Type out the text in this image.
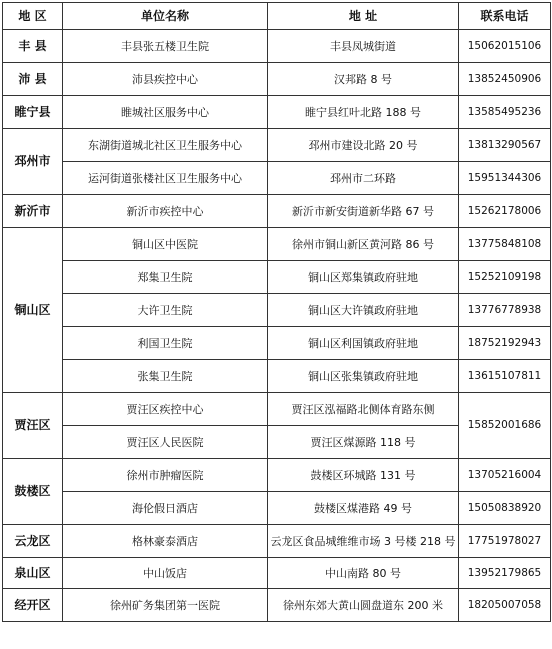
地 区	单位名称	地 址	联系电话
丰 县	丰县张五楼卫生院	丰县凤城街道	15062015106
沛 县	沛县疾控中心	汉邦路 8 号	13852450906
睢宁县	睢城社区服务中心	睢宁县红叶北路 188 号	13585495236
邳州市	东湖街道城北社区卫生服务中心	邳州市建设北路 20 号	13813290567
	运河街道张楼社区卫生服务中心	邳州市二环路	15951344306
新沂市	新沂市疾控中心	新沂市新安街道新华路 67 号	15262178006
铜山区	铜山区中医院	徐州市铜山新区黄河路 86 号	13775848108
	郑集卫生院	铜山区郑集镇政府驻地	15252109198
	大许卫生院	铜山区大许镇政府驻地	13776778938
	利国卫生院	铜山区利国镇政府驻地	18752192943
	张集卫生院	铜山区张集镇政府驻地	13615107811
贾汪区	贾汪区疾控中心	贾汪区泓福路北侧体育路东侧	15852001686
	贾汪区人民医院	贾汪区煤源路 118 号	
鼓楼区	徐州市肿瘤医院	鼓楼区环城路 131 号	13705216004
	海伦假日酒店	鼓楼区煤港路 49 号	15050838920
云龙区	格林豪泰酒店	云龙区食品城维维市场 3 号楼 218 号	17751978027
泉山区	中山饭店	中山南路 80 号	13952179865
经开区	徐州矿务集团第一医院	徐州东郊大黄山圆盘道东 200 米	18205007058
